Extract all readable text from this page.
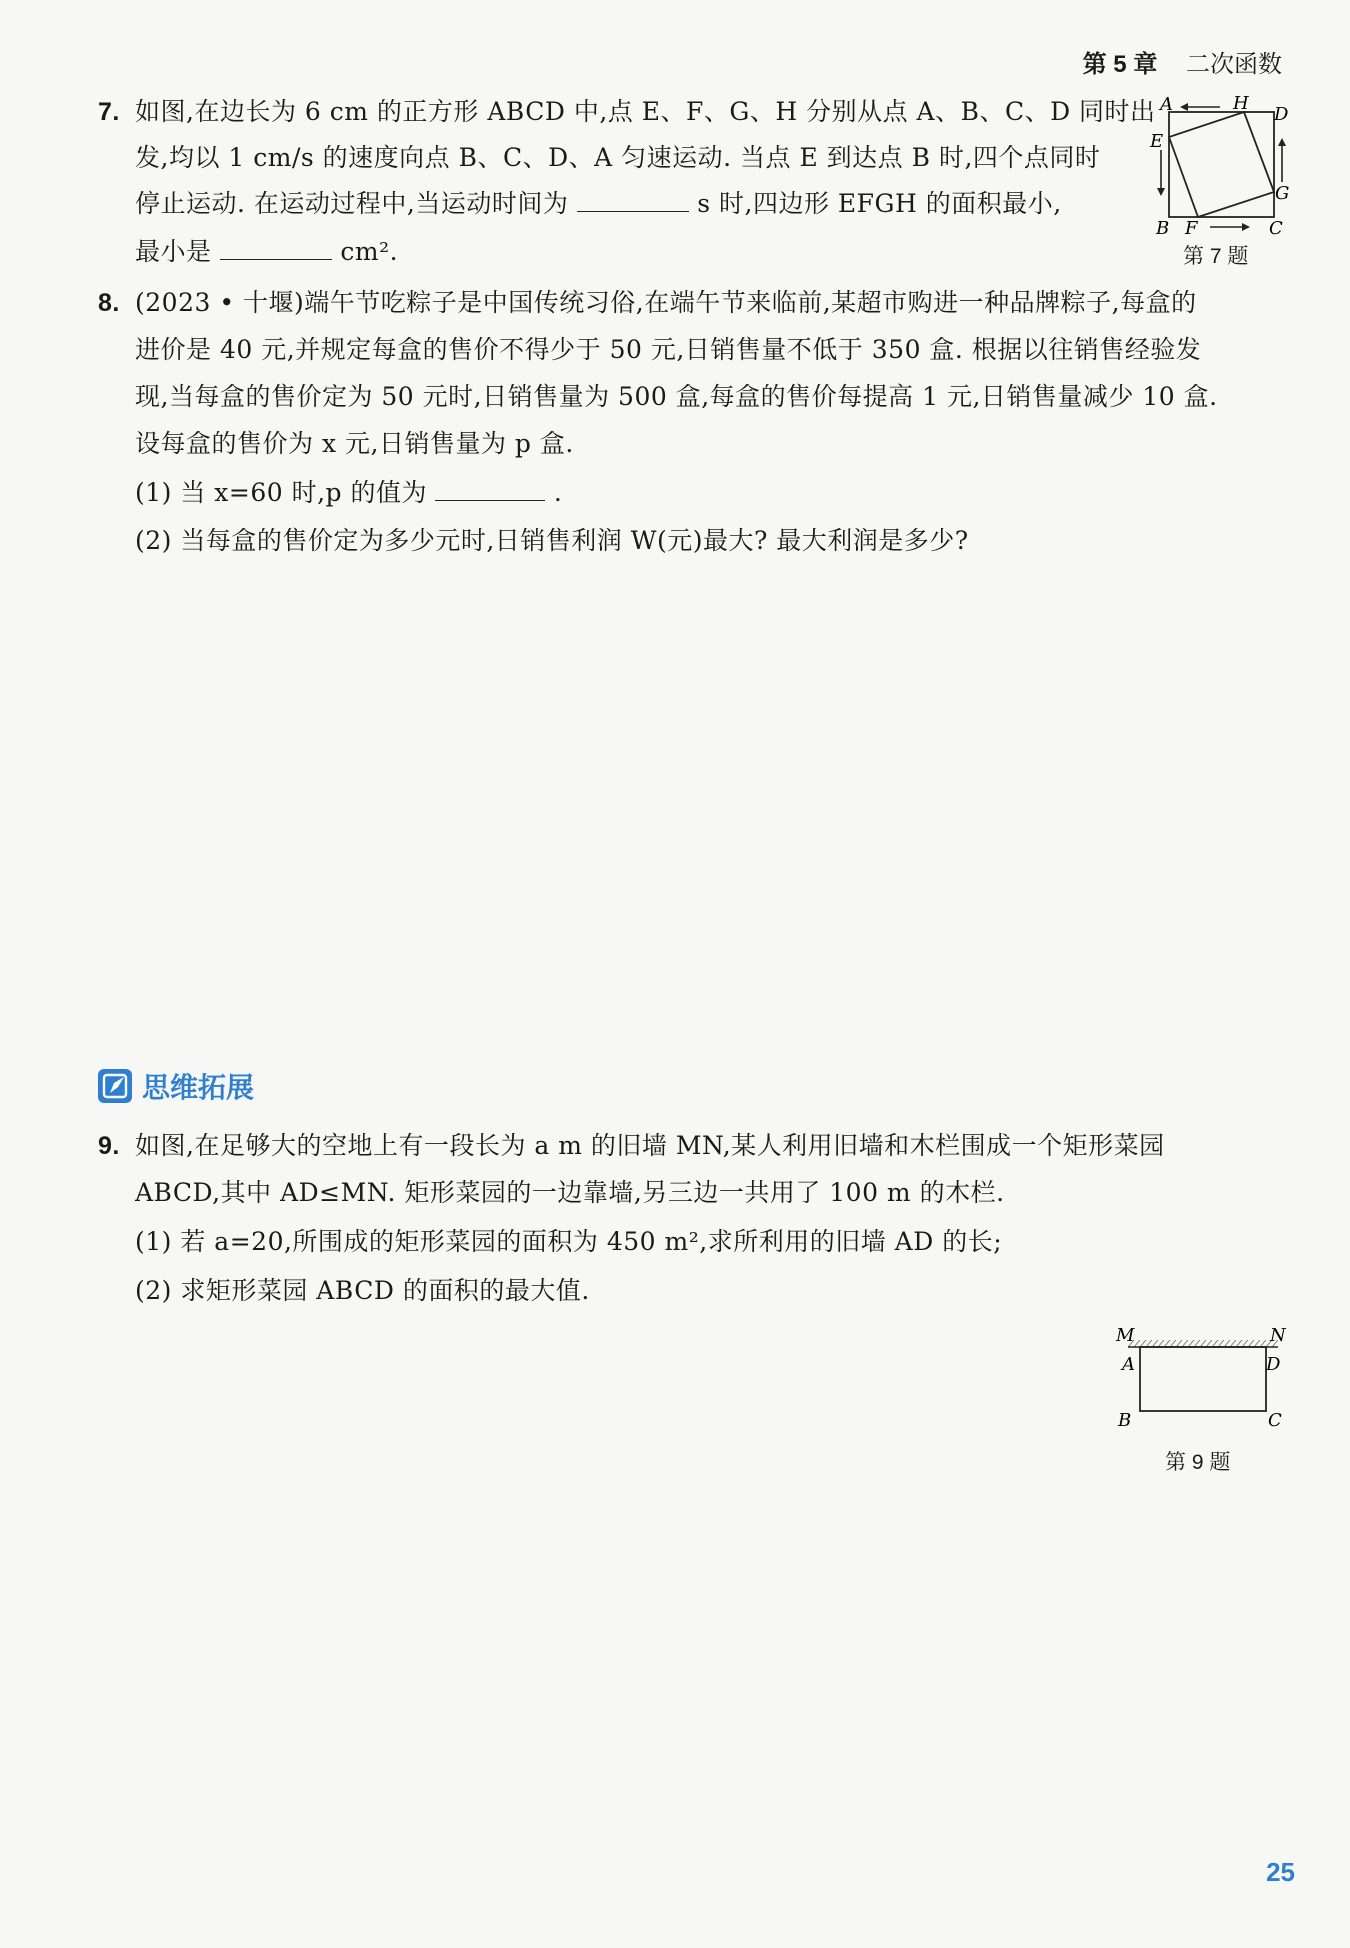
第 5 章 二次函数
7. 如图,在边长为 6 cm 的正方形 ABCD 中,点 E、F、G、H 分别从点 A、B、C、D 同时出
发,均以 1 cm/s 的速度向点 B、C、D、A 匀速运动. 当点 E 到达点 B 时,四个点同时
停止运动. 在运动过程中,当运动时间为	s 时,四边形 EFGH 的面积最小,
最小是	cm².
A	H
D
E
G
B F	C
第 7 题
8. (2023 • 十堰)端午节吃粽子是中国传统习俗,在端午节来临前,某超市购进一种品牌粽子,每盒的
进价是 40 元,并规定每盒的售价不得少于 50 元,日销售量不低于 350 盒. 根据以往销售经验发
现,当每盒的售价定为 50 元时,日销售量为 500 盒,每盒的售价每提高 1 元,日销售量减少 10 盒.
设每盒的售价为 x 元,日销售量为 p 盒.
(1) 当 x=60 时,p 的值为	.
(2) 当每盒的售价定为多少元时,日销售利润 W(元)最大? 最大利润是多少?
思维拓展
9. 如图,在足够大的空地上有一段长为 a m 的旧墙 MN,某人利用旧墙和木栏围成一个矩形菜园
ABCD,其中 AD≤MN. 矩形菜园的一边靠墙,另三边一共用了 100 m 的木栏.
(1) 若 a=20,所围成的矩形菜园的面积为 450 m²,求所利用的旧墙 AD 的长;
(2) 求矩形菜园 ABCD 的面积的最大值.
M	N
A	D
B	C
第 9 题
25
